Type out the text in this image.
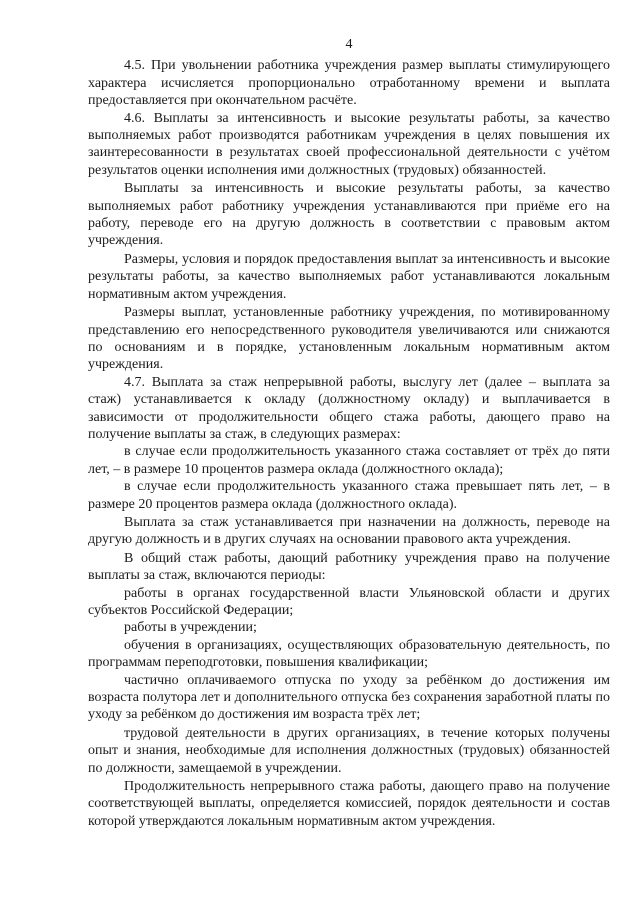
4

4.5. При увольнении работника учреждения размер выплаты стимулирующего характера исчисляется пропорционально отработанному времени и выплата предоставляется при окончательном расчёте.

4.6. Выплаты за интенсивность и высокие результаты работы, за качество выполняемых работ производятся работникам учреждения в целях повышения их заинтересованности в результатах своей профессиональной деятельности с учётом результатов оценки исполнения ими должностных (трудовых) обязанностей.

Выплаты за интенсивность и высокие результаты работы, за качество выполняемых работ работнику учреждения устанавливаются при приёме его на работу, переводе его на другую должность в соответствии с правовым актом учреждения.

Размеры, условия и порядок предоставления выплат за интенсивность и высокие результаты работы, за качество выполняемых работ устанавливаются локальным нормативным актом учреждения.

Размеры выплат, установленные работнику учреждения, по мотивированному представлению его непосредственного руководителя увеличиваются или снижаются по основаниям и в порядке, установленным локальным нормативным актом учреждения.

4.7. Выплата за стаж непрерывной работы, выслугу лет (далее – выплата за стаж) устанавливается к окладу (должностному окладу) и выплачивается в зависимости от продолжительности общего стажа работы, дающего право на получение выплаты за стаж, в следующих размерах:

в случае если продолжительность указанного стажа составляет от трёх до пяти лет, – в размере 10 процентов размера оклада (должностного оклада);

в случае если продолжительность указанного стажа превышает пять лет, – в размере 20 процентов размера оклада (должностного оклада).

Выплата за стаж устанавливается при назначении на должность, переводе на другую должность и в других случаях на основании правового акта учреждения.

В общий стаж работы, дающий работнику учреждения право на получение выплаты за стаж, включаются периоды:

работы в органах государственной власти Ульяновской области и других субъектов Российской Федерации;

работы в учреждении;

обучения в организациях, осуществляющих образовательную деятельность, по программам переподготовки, повышения квалификации;

частично оплачиваемого отпуска по уходу за ребёнком до достижения им возраста полутора лет и дополнительного отпуска без сохранения заработной платы по уходу за ребёнком до достижения им возраста трёх лет;

трудовой деятельности в других организациях, в течение которых получены опыт и знания, необходимые для исполнения должностных (трудовых) обязанностей по должности, замещаемой в учреждении.

Продолжительность непрерывного стажа работы, дающего право на получение соответствующей выплаты, определяется комиссией, порядок деятельности и состав которой утверждаются локальным нормативным актом учреждения.
